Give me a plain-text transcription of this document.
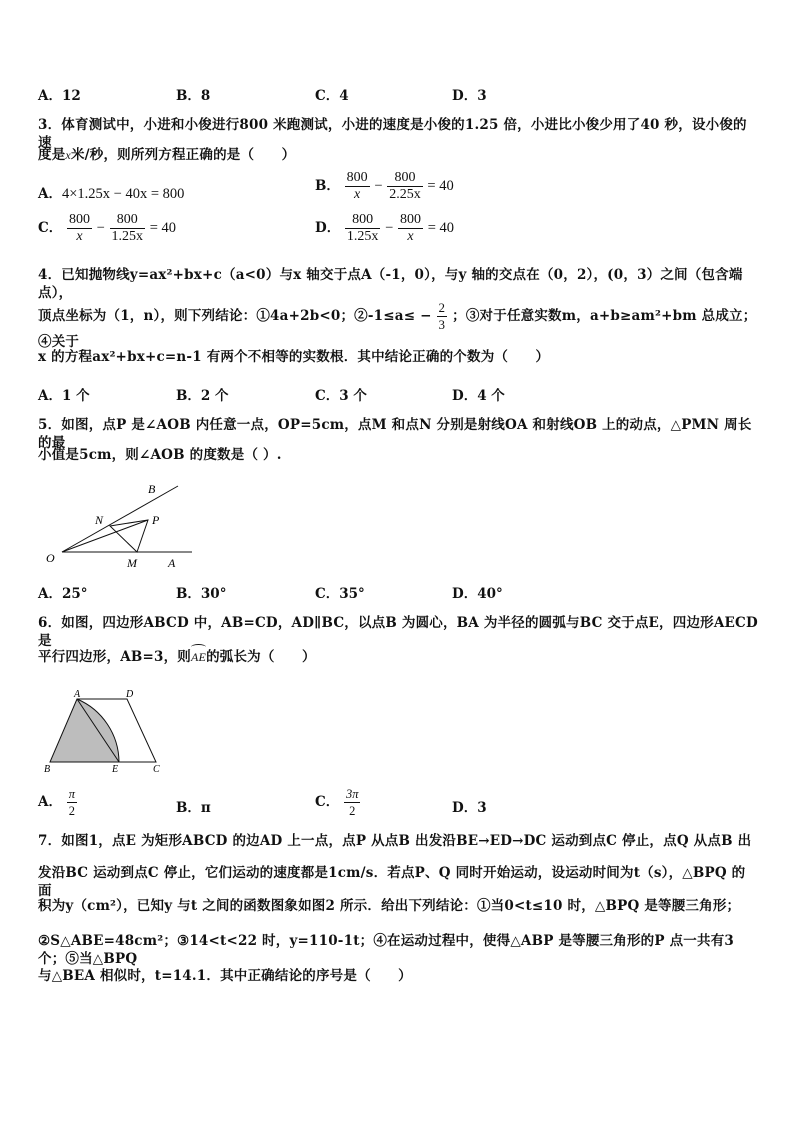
A．12	B．8	C．4	D．3
3．体育测试中，小进和小俊进行800 米跑测试，小进的速度是小俊的1.25 倍，小进比小俊少用了40 秒，设小俊的速
度是x米/秒，则所列方程正确的是（　　）
A．4×1.25x − 40x = 800	B． $\frac{800}{x} - \frac{800}{2.25x} = 40$
C． $\frac{800}{x} - \frac{800}{1.25x} = 40$	D． $\frac{800}{1.25x} - \frac{800}{x} = 40$
4．已知抛物线y=ax²+bx+c（a<0）与x 轴交于点A（-1，0），与y 轴的交点在（0，2），(0，3）之间（包含端点），
顶点坐标为（1，n），则下列结论：①4a+2b<0；②-1≤a≤ − $\frac{2}{3}$ ；③对于任意实数m，a+b≥am²+bm 总成立；④关于
x 的方程ax²+bx+c=n-1 有两个不相等的实数根．其中结论正确的个数为（　　）
A．1 个	B．2 个	C．3 个	D．4 个
5．如图，点P 是∠AOB 内任意一点，OP=5cm，点M 和点N 分别是射线OA 和射线OB 上的动点，△PMN 周长的最
小值是5cm，则∠AOB 的度数是（ ）.
B
N	P
O	M	A
A．25°	B．30°	C．35°	D．40°
6．如图，四边形ABCD 中，AB=CD，AD∥BC，以点B 为圆心，BA 为半径的圆弧与BC 交于点E，四边形AECD 是
平行四边形，AB=3，则
AE的弧长为（　　）
A	D
B	E	C
A． $\frac{\pi}{2}$	B．π	C． $\frac{3\pi}{2}$	D．3
7．如图1，点E 为矩形ABCD 的边AD 上一点，点P 从点B 出发沿BE→ED→DC 运动到点C 停止，点Q 从点B 出
发沿BC 运动到点C 停止，它们运动的速度都是1cm/s．若点P、Q 同时开始运动，设运动时间为t（s），△BPQ 的面
积为y（cm²），已知y 与t 之间的函数图象如图2 所示．给出下列结论：①当0<t≤10 时，△BPQ 是等腰三角形；
②S△ABE=48cm²；③14<t<22 时，y=110-1t；④在运动过程中，使得△ABP 是等腰三角形的P 点一共有3 个；⑤当△BPQ
与△BEA 相似时，t=14.1．其中正确结论的序号是（　　）
